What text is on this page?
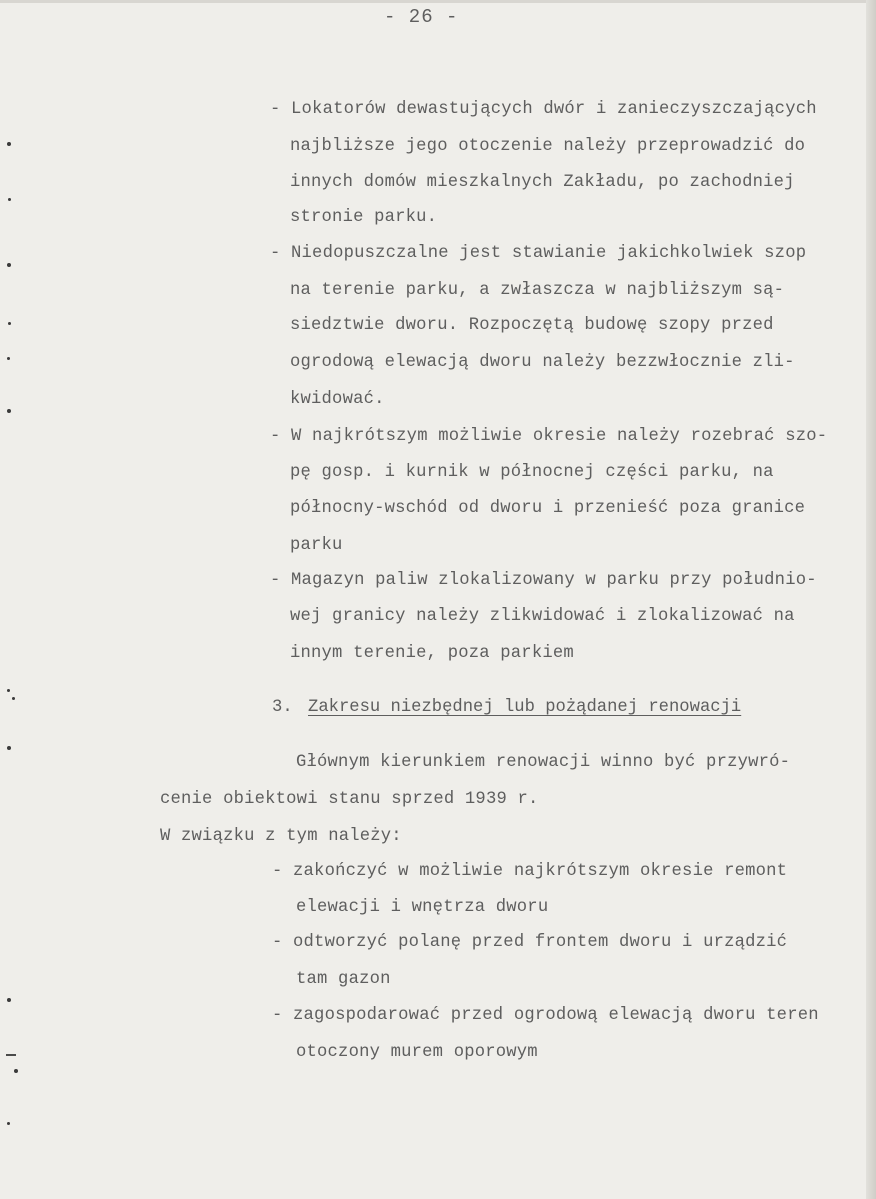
- 26 -
- Lokatorów dewastujących dwór i zanieczyszczających
najbliższe jego otoczenie należy przeprowadzić do
innych domów mieszkalnych Zakładu, po zachodniej
stronie parku.
- Niedopuszczalne jest stawianie jakichkolwiek szop
na terenie parku, a zwłaszcza w najbliższym są-
siedztwie dworu. Rozpoczętą budowę szopy przed
ogrodową elewacją dworu należy bezzwłocznie zli-
kwidować.
- W najkrótszym możliwie okresie należy rozebrać szo-
pę gosp. i kurnik w północnej części parku, na
północny-wschód od dworu i przenieść poza granice
parku
- Magazyn paliw zlokalizowany w parku przy południo-
wej granicy należy zlikwidować i zlokalizować na
innym terenie, poza parkiem
3. Zakresu niezbędnej lub pożądanej renowacji
Głównym kierunkiem renowacji winno być przywró-
cenie obiektowi stanu sprzed 1939 r.
W związku z tym należy:
- zakończyć w możliwie najkrótszym okresie remont
elewacji i wnętrza dworu
- odtworzyć polanę przed frontem dworu i urządzić
tam gazon
- zagospodarować przed ogrodową elewacją dworu teren
otoczony murem oporowym
